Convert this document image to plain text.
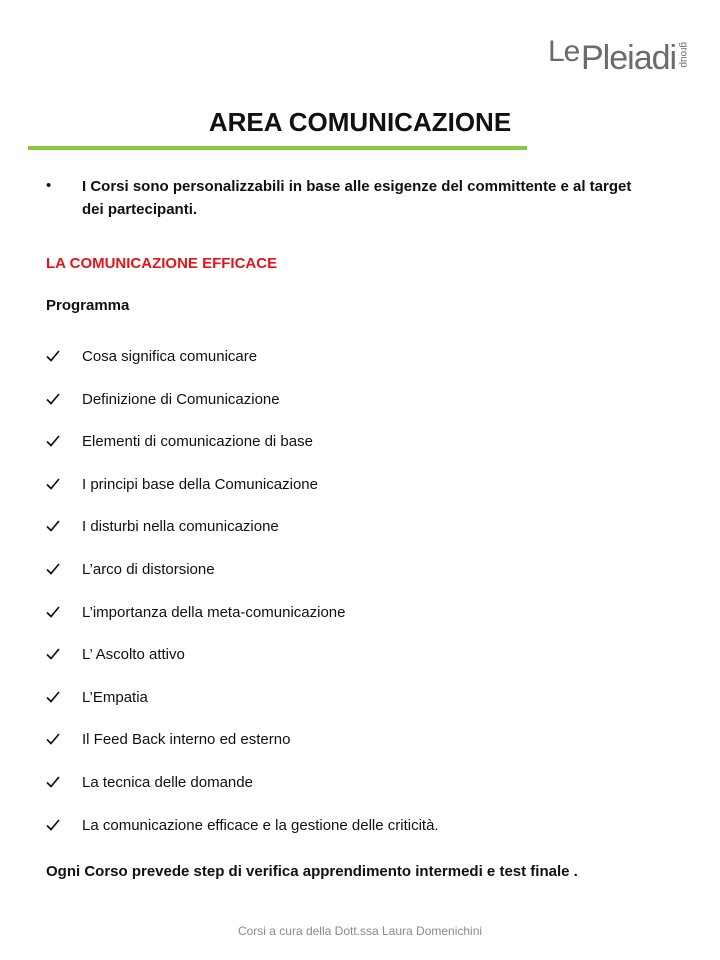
Le Pleiadi group
AREA COMUNICAZIONE
• I Corsi sono personalizzabili in base alle esigenze del committente e al target dei partecipanti.
LA COMUNICAZIONE EFFICACE
Programma
Cosa significa comunicare
Definizione di Comunicazione
Elementi di comunicazione di base
I principi base della Comunicazione
I disturbi nella comunicazione
L’arco di distorsione
L’importanza della meta-comunicazione
L’ Ascolto attivo
L’Empatia
Il Feed Back interno ed esterno
La tecnica delle domande
La comunicazione efficace e la gestione delle criticità.
Ogni Corso prevede step di verifica apprendimento intermedi e test finale .
Corsi a cura della Dott.ssa Laura Domenichini
